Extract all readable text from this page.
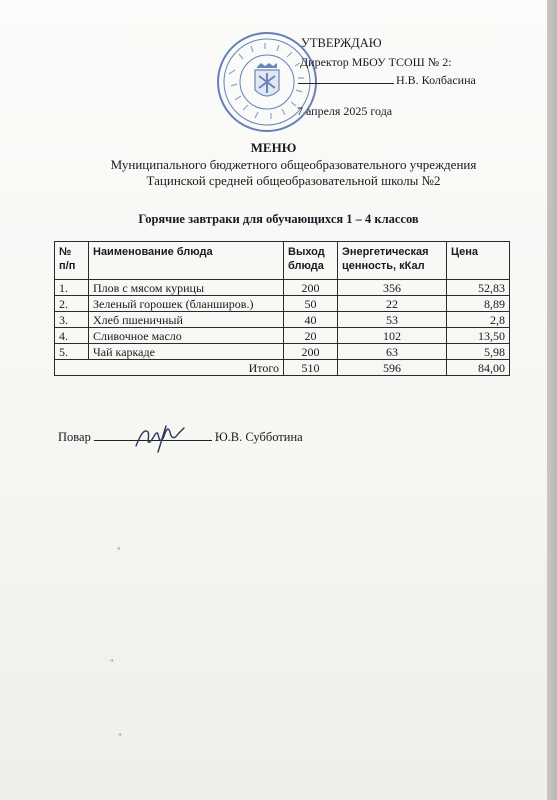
УТВЕРЖДАЮ
Директор МБОУ ТСОШ № 2:
Н.В. Колбасина
7 апреля 2025 года
МЕНЮ
Муниципального бюджетного общеобразовательного учреждения
Тацинской средней общеобразовательной школы №2
Горячие завтраки для обучающихся 1 – 4 классов
№ п/п	Наименование блюда	Выход блюда	Энергетическая ценность, кКал	Цена
1.	Плов с мясом курицы	200	356	52,83
2.	Зеленый горошек (бланширов.)	50	22	8,89
3.	Хлеб пшеничный	40	53	2,8
4.	Сливочное масло	20	102	13,50
5.	Чай каркаде	200	63	5,98
Итого		510	596	84,00
Повар	Ю.В. Субботина
"
"
"
